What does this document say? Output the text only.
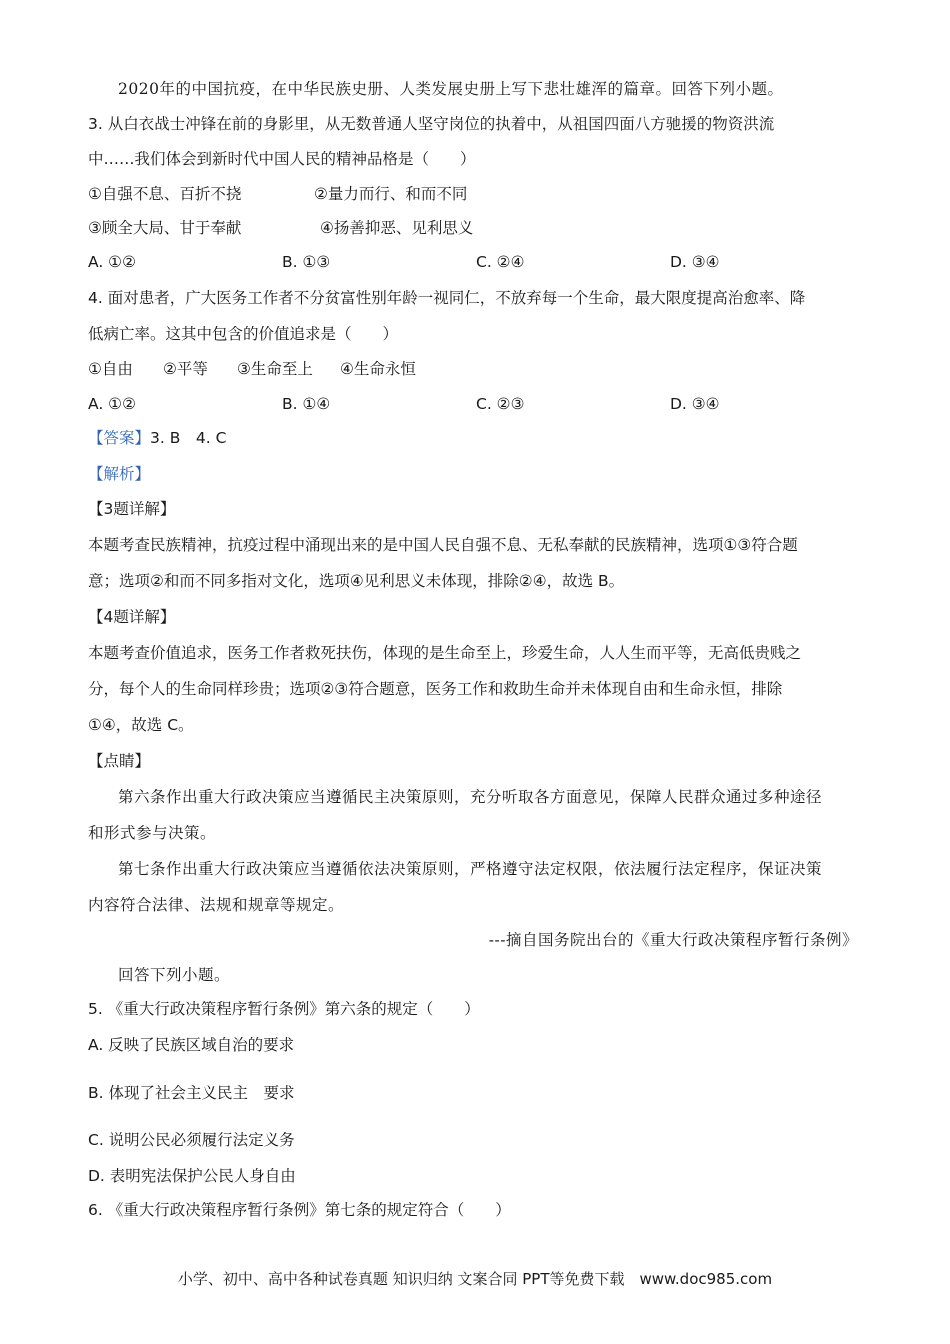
2020年的中国抗疫，在中华民族史册、人类发展史册上写下悲壮雄浑的篇章。回答下列小题。
3. 从白衣战士冲锋在前的身影里，从无数普通人坚守岗位的执着中，从祖国四面八方驰援的物资洪流
中……我们体会到新时代中国人民的精神品格是（　　）
①自强不息、百折不挠	②量力而行、和而不同
③顾全大局、甘于奉献	④扬善抑恶、见利思义
A. ①②	B. ①③	C. ②④	D. ③④
4. 面对患者，广大医务工作者不分贫富性别年龄一视同仁，不放弃每一个生命，最大限度提高治愈率、降
低病亡率。这其中包含的价值追求是（　　）
①自由 ②平等 ③生命至上 ④生命永恒
A. ①②	B. ①④	C. ②③	D. ③④
【答案】3. B　4. C
【解析】
【3题详解】
本题考查民族精神，抗疫过程中涌现出来的是中国人民自强不息、无私奉献的民族精神，选项①③符合题
意；选项②和而不同多指对文化，选项④见利思义未体现，排除②④，故选 B。
【4题详解】
本题考查价值追求，医务工作者救死扶伤，体现的是生命至上，珍爱生命，人人生而平等，无高低贵贱之
分，每个人的生命同样珍贵；选项②③符合题意，医务工作和救助生命并未体现自由和生命永恒，排除
①④，故选 C。
【点睛】
第六条作出重大行政决策应当遵循民主决策原则，充分听取各方面意见，保障人民群众通过多种途径
和形式参与决策。
第七条作出重大行政决策应当遵循依法决策原则，严格遵守法定权限，依法履行法定程序，保证决策
内容符合法律、法规和规章等规定。
---摘自国务院出台的《重大行政决策程序暂行条例》
回答下列小题。
5. 《重大行政决策程序暂行条例》第六条的规定（　　）
A. 反映了民族区域自治的要求
B. 体现了社会主义民主　要求
C. 说明公民必须履行法定义务
D. 表明宪法保护公民人身自由
6. 《重大行政决策程序暂行条例》第七条的规定符合（　　）
小学、初中、高中各种试卷真题 知识归纳 文案合同 PPT等免费下载　www.doc985.com
